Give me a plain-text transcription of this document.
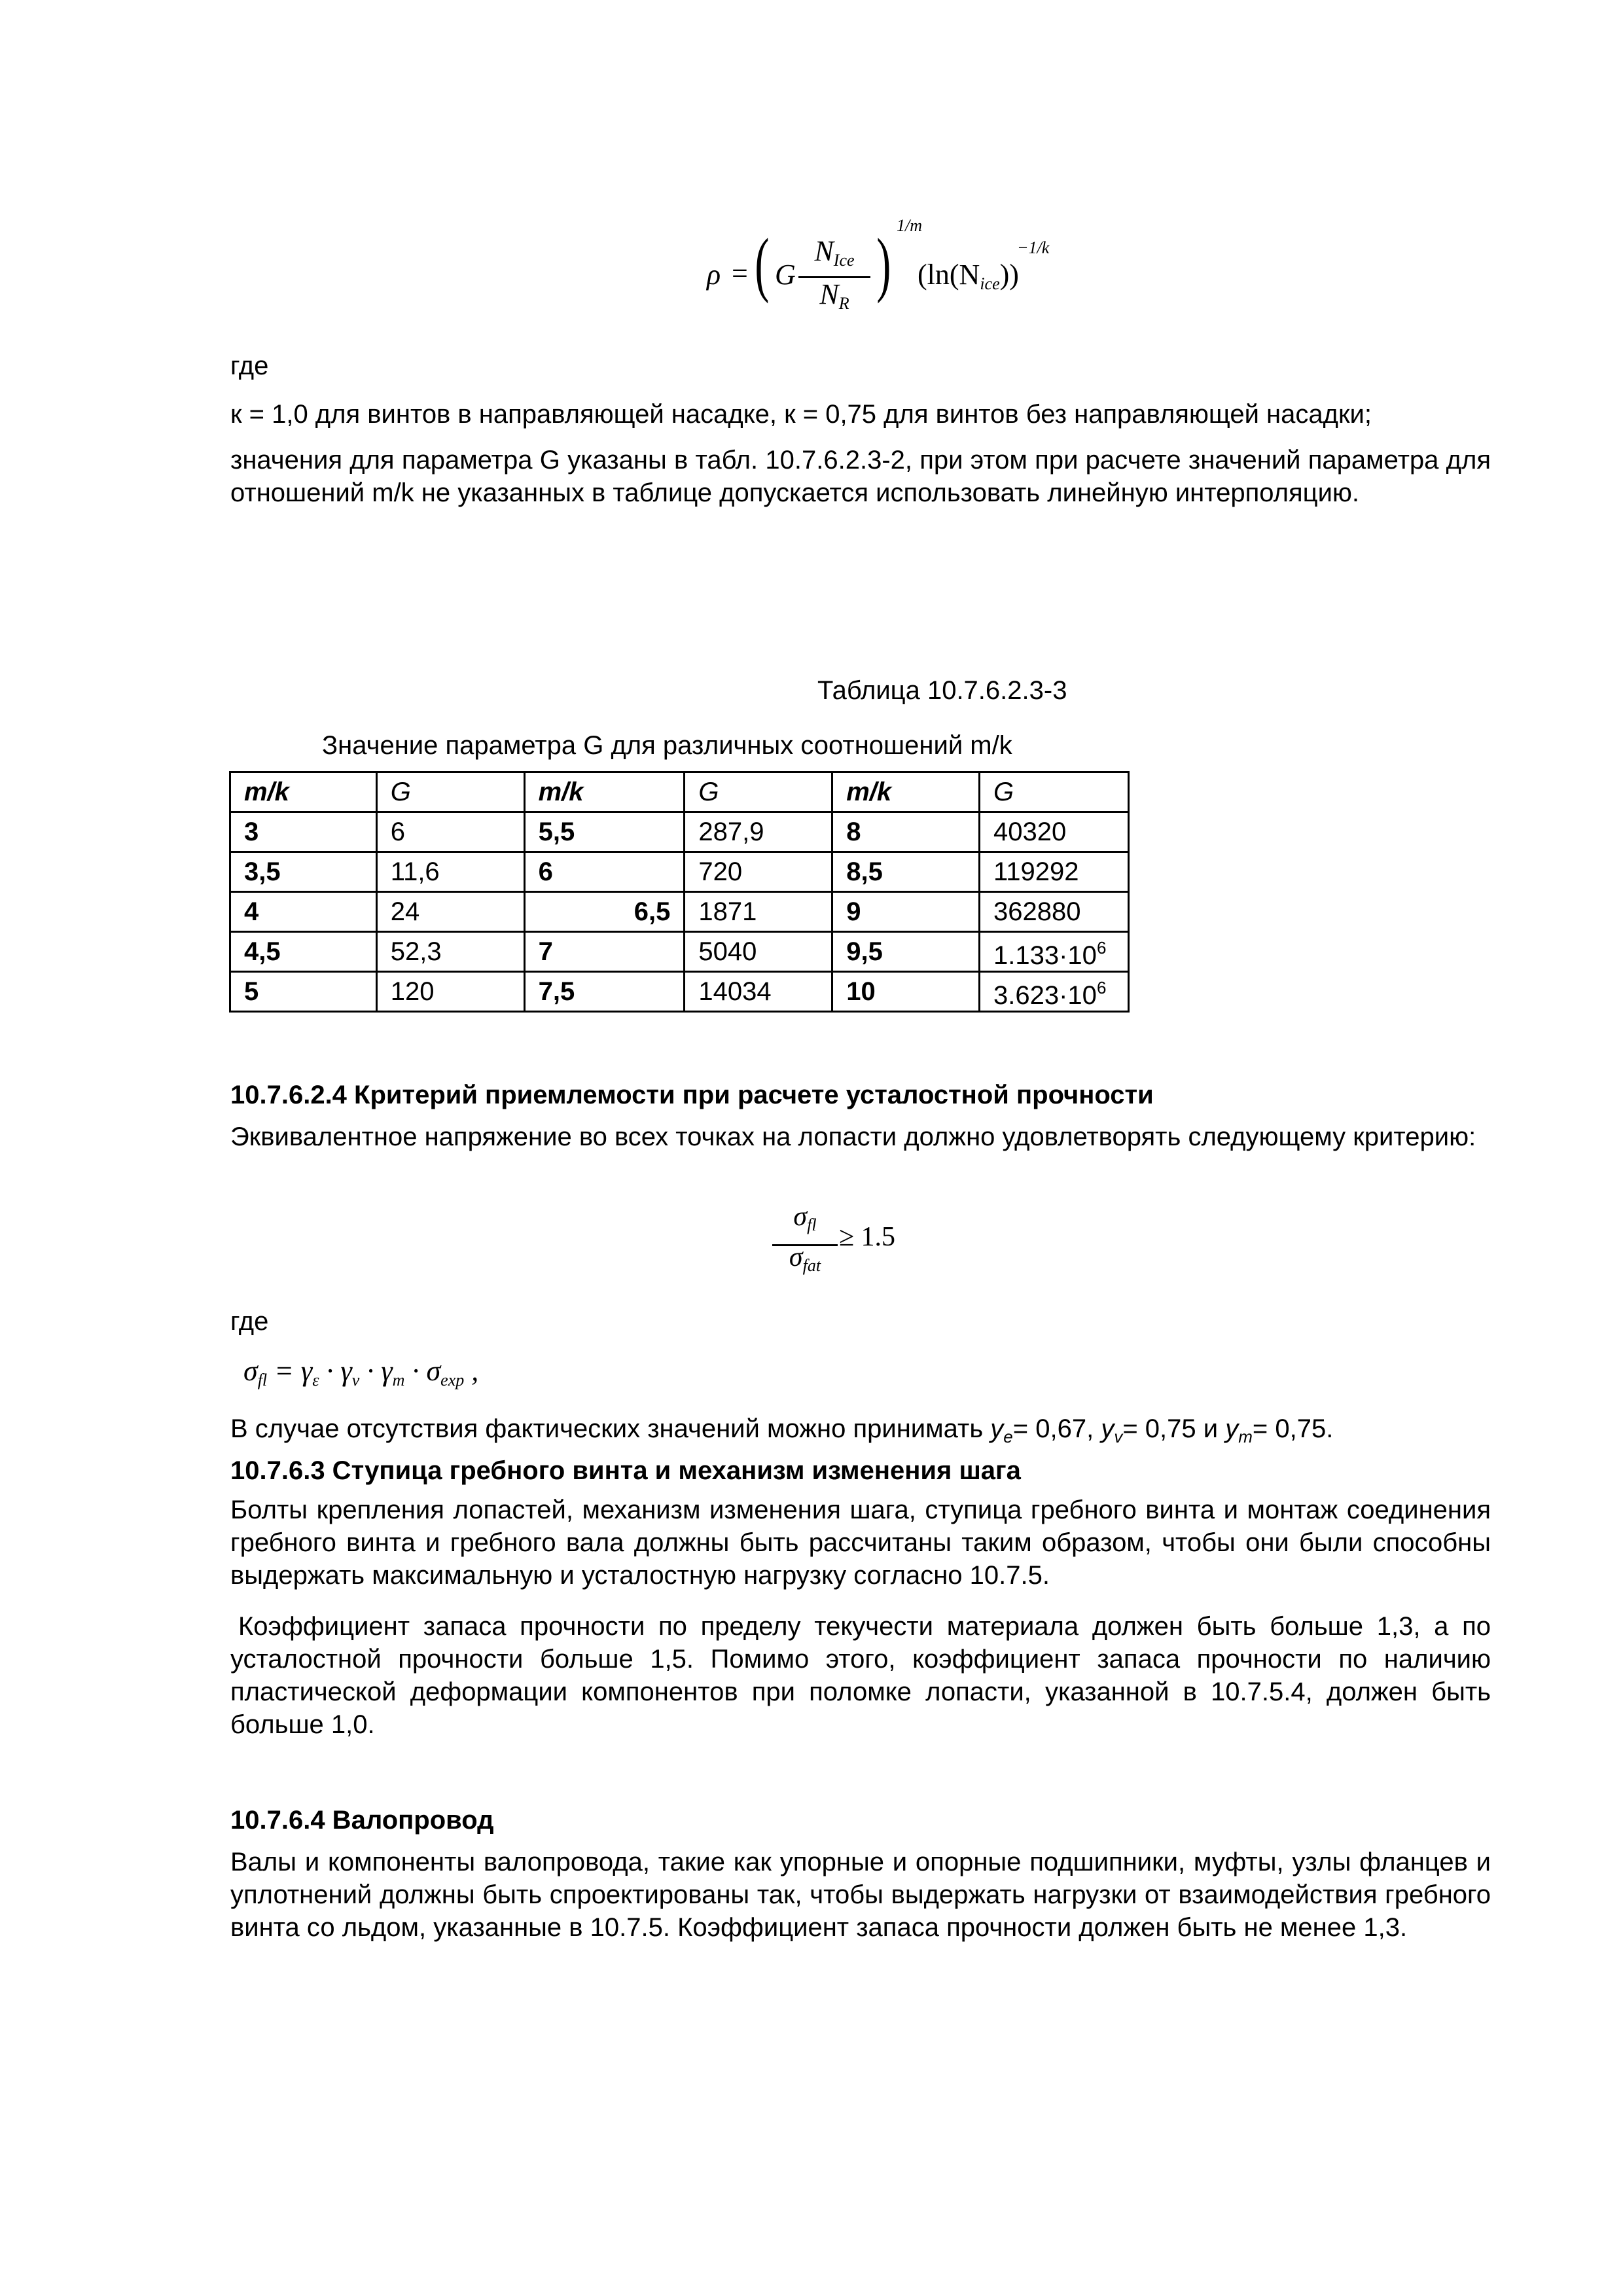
ρ = ( G
$N_{Ice}$
$N_R$ ) 1/m
$(\ln(N_{ice}))$
−1/k
где
к = 1,0 для винтов в направляющей насадке, к = 0,75 для винтов без направляющей насадки;
значения для параметра G указаны в табл. 10.7.6.2.3-2, при этом при расчете значений параметра для отношений m/k не указанных в таблице допускается использовать линейную интерполяцию.
Таблица 10.7.6.2.3-3
Значение параметра G для различных соотношений m/k
m/k	G	m/k	G	m/k	G
3	6	5,5	287,9	8	40320
3,5	11,6	6	720	8,5	119292
4	24	6,5	1871	9	362880
4,5	52,3	7	5040	9,5	$1.133\cdot 10^6$
5	120	7,5	14034	10	$3.623\cdot 10^6$
10.7.6.2.4 Критерий приемлемости при расчете усталостной прочности
Эквивалентное напряжение во всех точках на лопасти должно удовлетворять следующему критерию:
$\sigma_{fl}$
$\sigma_{fat}$
≥ 1.5
где
$\sigma_{fl} = \gamma_\varepsilon \cdot \gamma_v \cdot \gamma_m \cdot \sigma_{exp}$ ,
В случае отсутствия фактических значений можно принимать $y_e= 0,67$, $y_v= 0,75$ и $y_m= 0,75$.
10.7.6.3 Ступица гребного винта и механизм изменения шага
Болты крепления лопастей, механизм изменения шага, ступица гребного винта и монтаж соединения гребного винта и гребного вала должны быть рассчитаны таким образом, чтобы они были способны выдержать максимальную и усталостную нагрузку согласно 10.7.5.
Коэффициент запаса прочности по пределу текучести материала должен быть больше 1,3, а по усталостной прочности больше 1,5. Помимо этого, коэффициент запаса прочности по наличию пластической деформации компонентов при поломке лопасти, указанной в 10.7.5.4, должен быть больше 1,0.
10.7.6.4 Валопровод
Валы и компоненты валопровода, такие как упорные и опорные подшипники, муфты, узлы фланцев и уплотнений должны быть спроектированы так, чтобы выдержать нагрузки от взаимодействия гребного винта со льдом, указанные в 10.7.5. Коэффициент запаса прочности должен быть не менее 1,3.
